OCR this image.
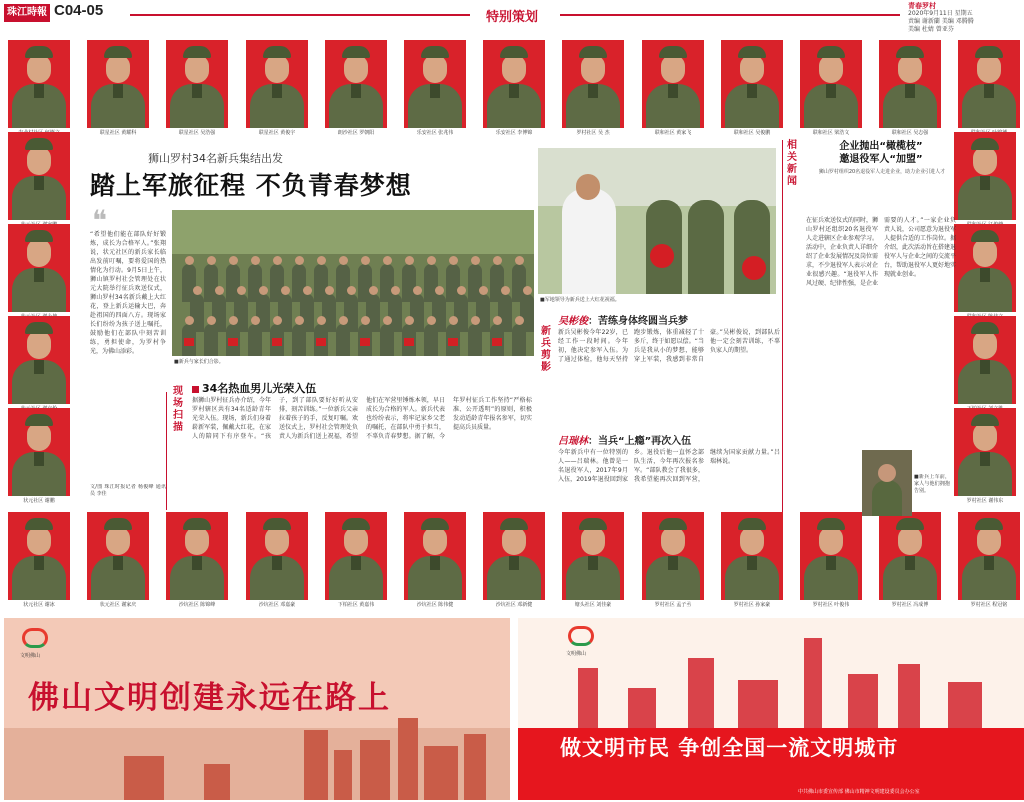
珠江時報 C04-05	特别策划
青春罗村
2020年9月11日 星期五
责编 谢新蘭 美编 邓腾腾
美编 杜婧 曾亚芬
联星社区 黄耀科	联星社区 吴浩强	联星社区 黄俊宇	朗沙社区 罗朝阳	乐安社区 张兆伟	乐安社区 李博锦	罗村社区 吴 杰	联和社区 黄家飞	联和社区 吴俊鹏	联和社区 梁浩文	联和社区 吴志强
状元社区 谢鹏	罗村社区 谢伟东
状元社区 谢冰	状元社区 谢家庆	沙坑社区 陈锦峰	沙坑社区 邓嘉豪	下柏社区 黄嘉伟	沙坑社区 陈伟健	沙坑社区 邓新健	塘头社区 刘佳豪	罗村社区 孟子丞	罗村社区 孙家豪	罗村社区 叶俊伟	罗村社区 冯成博	罗村社区 程冠铭
狮山罗村34名新兵集结出发
踏上军旅征程 不负青春梦想
❝
“希望他们能在部队好好锻炼，成长为合格军人。”张翔说，状元社区的新兵家长临出发前叮嘱，要将爱国的热情化为行动。9月5日上午，狮山镇罗村社会管理处在状元大院举行征兵欢送仪式，狮山罗村34名新兵戴上大红花，登上新兵运输大巴，奔赴祖国的四面八方。现场家长们纷纷为孩子送上嘱托，鼓励他们在部队中刻苦训练，勇担使命，为罗村争光，为佛山添彩。
文/图 珠江时报记者 杨俊峰 通讯员 李佳
■新兵与家长们合影。
现场 扫描
34名热血男儿光荣入伍
据狮山罗村征兵办介绍，今年罗村辖区共有34名适龄青年光荣入伍。现场，新兵们身着崭新军装，佩戴大红花，在家人的陪同下有序登车。“孩子，到了部队要好好听从安排，刻苦训练。”一位新兵父亲拉着孩子的手，反复叮嘱。欢送仪式上，罗村社会管理处负责人为新兵们送上祝福，希望他们在军营里锤炼本领，早日成长为合格的军人。新兵代表也纷纷表示，将牢记家乡父老的嘱托，在部队中勇于担当，不辜负青春梦想。据了解，今年罗村征兵工作坚持“严格标准、公开透明”的原则，积极发动适龄青年报名参军，切实提高兵员质量。
■军地领导为新兵送上大红花祝福。
新兵 剪影
吴彬俊：苦练身体终圆当兵梦
新兵吴彬俊今年22岁，已经工作一段时间。今年初，他决定参军入伍。为了通过体检，他每天坚持跑步锻炼，体重减轻了十多斤，终于如愿以偿。“当兵是我从小的梦想，能够穿上军装，我感到非常自豪。”吴彬俊说，到部队后他一定会刻苦训练，不辜负家人的期望。
吕瑞林：当兵“上瘾”再次入伍
今年新兵中有一位特别的人——吕瑞林。他曾是一名退役军人，2017年9月入伍，2019年退役回到家乡。退役后他一直怀念部队生活，今年再次报名参军。“部队教会了我很多，我希望能再次回到军营，继续为国家贡献力量。”吕瑞林说。
相关 新闻
企业抛出“橄榄枝”
邀退役军人“加盟”
狮山罗村组织20名退役军人走进企业，助力企业引进人才
在征兵欢送仪式的同时，狮山罗村还组织20名退役军人走进辖区企业参观学习。活动中，企业负责人详细介绍了企业发展情况及岗位需求，不少退役军人表示对企业很感兴趣。“退役军人作风过硬、纪律性强，是企业需要的人才。”一家企业负责人说，公司愿意为退役军人提供合适的工作岗位。据介绍，此次活动旨在搭建退役军人与企业之间的交流平台，帮助退役军人更好地实现就业创业。
■新兵上车前，家人与他们拥抱告别。
文明佛山
佛山文明创建永远在路上
文明佛山
做文明市民 争创全国一流文明城市
中共佛山市委宣传部 佛山市精神文明建设委员会办公室
